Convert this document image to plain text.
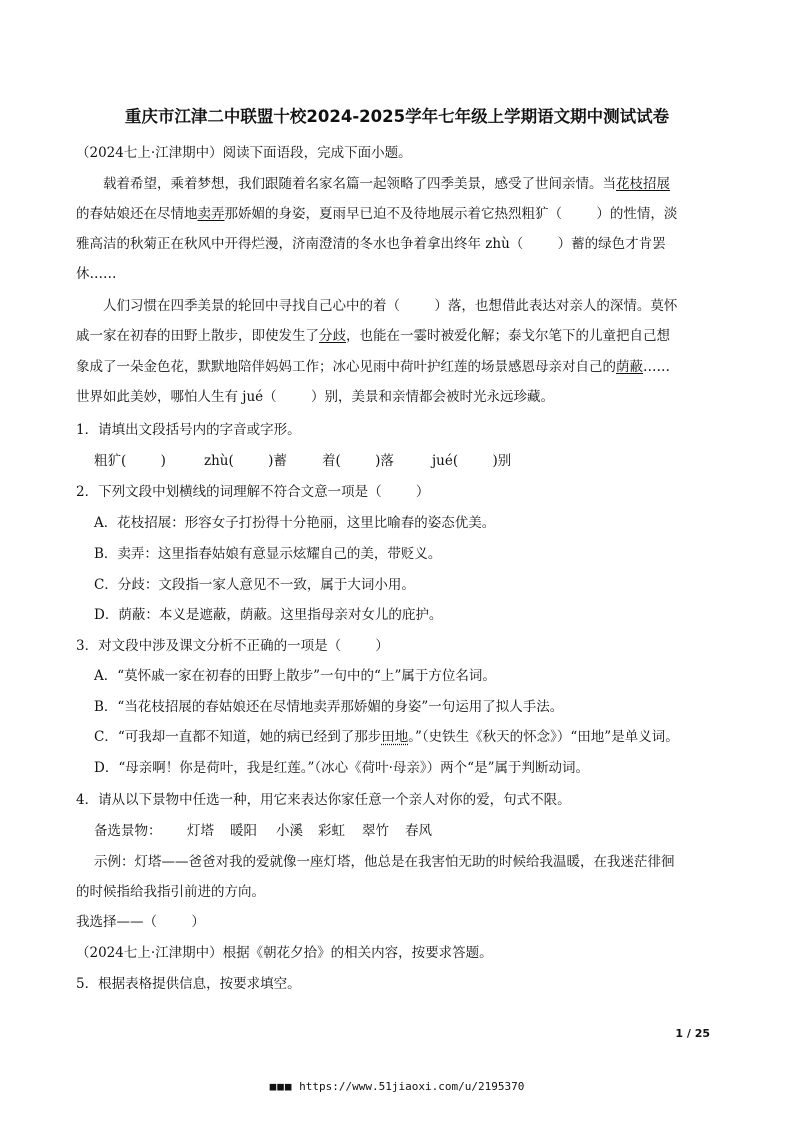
重庆市江津二中联盟十校2024-2025学年七年级上学期语文期中测试试卷
（2024七上·江津期中）阅读下面语段，完成下面小题。
载着希望，乘着梦想，我们跟随着名家名篇一起领略了四季美景，感受了世间亲情。当花枝招展
的春姑娘还在尽情地卖弄那娇媚的身姿，夏雨早已迫不及待地展示着它热烈粗犷（        ）的性情，淡
雅高洁的秋菊正在秋风中开得烂漫，济南澄清的冬水也争着拿出终年 zhù（        ）蓄的绿色才肯罢
休……
人们习惯在四季美景的轮回中寻找自己心中的着（        ）落，也想借此表达对亲人的深情。莫怀
戚一家在初春的田野上散步，即使发生了分歧，也能在一霎时被爱化解；泰戈尔笔下的儿童把自己想
象成了一朵金色花，默默地陪伴妈妈工作；冰心见雨中荷叶护红莲的场景感恩母亲对自己的荫蔽……
世界如此美妙，哪怕人生有 jué（        ）别，美景和亲情都会被时光永远珍藏。
1．请填出文段括号内的字音或字形。
粗犷(        )	zhù(        )蓄	着(        )落	jué(        )别
2．下列文段中划横线的词理解不符合文意一项是（        ）
A．花枝招展：形容女子打扮得十分艳丽，这里比喻春的姿态优美。
B．卖弄：这里指春姑娘有意显示炫耀自己的美，带贬义。
C．分歧：文段指一家人意见不一致，属于大词小用。
D．荫蔽：本义是遮蔽，荫蔽。这里指母亲对女儿的庇护。
3．对文段中涉及课文分析不正确的一项是（        ）
A．“莫怀戚一家在初春的田野上散步”一句中的“上”属于方位名词。
B．“当花枝招展的春姑娘还在尽情地卖弄那娇媚的身姿”一句运用了拟人手法。
C．“可我却一直都不知道，她的病已经到了那步田地。”（史铁生《秋天的怀念》）“田地”是单义词。
D．“母亲啊！你是荷叶，我是红莲。”（冰心《荷叶·母亲》）两个“是”属于判断动词。
4．请从以下景物中任选一种，用它来表达你家任意一个亲人对你的爱，句式不限。
备选景物： 灯塔 暖阳 小溪 彩虹 翠竹 春风
示例：灯塔——爸爸对我的爱就像一座灯塔，他总是在我害怕无助的时候给我温暖，在我迷茫徘徊
的时候指给我指引前进的方向。
我选择——（        ）
（2024七上·江津期中）根据《朝花夕拾》的相关内容，按要求答题。
5．根据表格提供信息，按要求填空。
1 / 25
■■■ https://www.51jiaoxi.com/u/2195370
